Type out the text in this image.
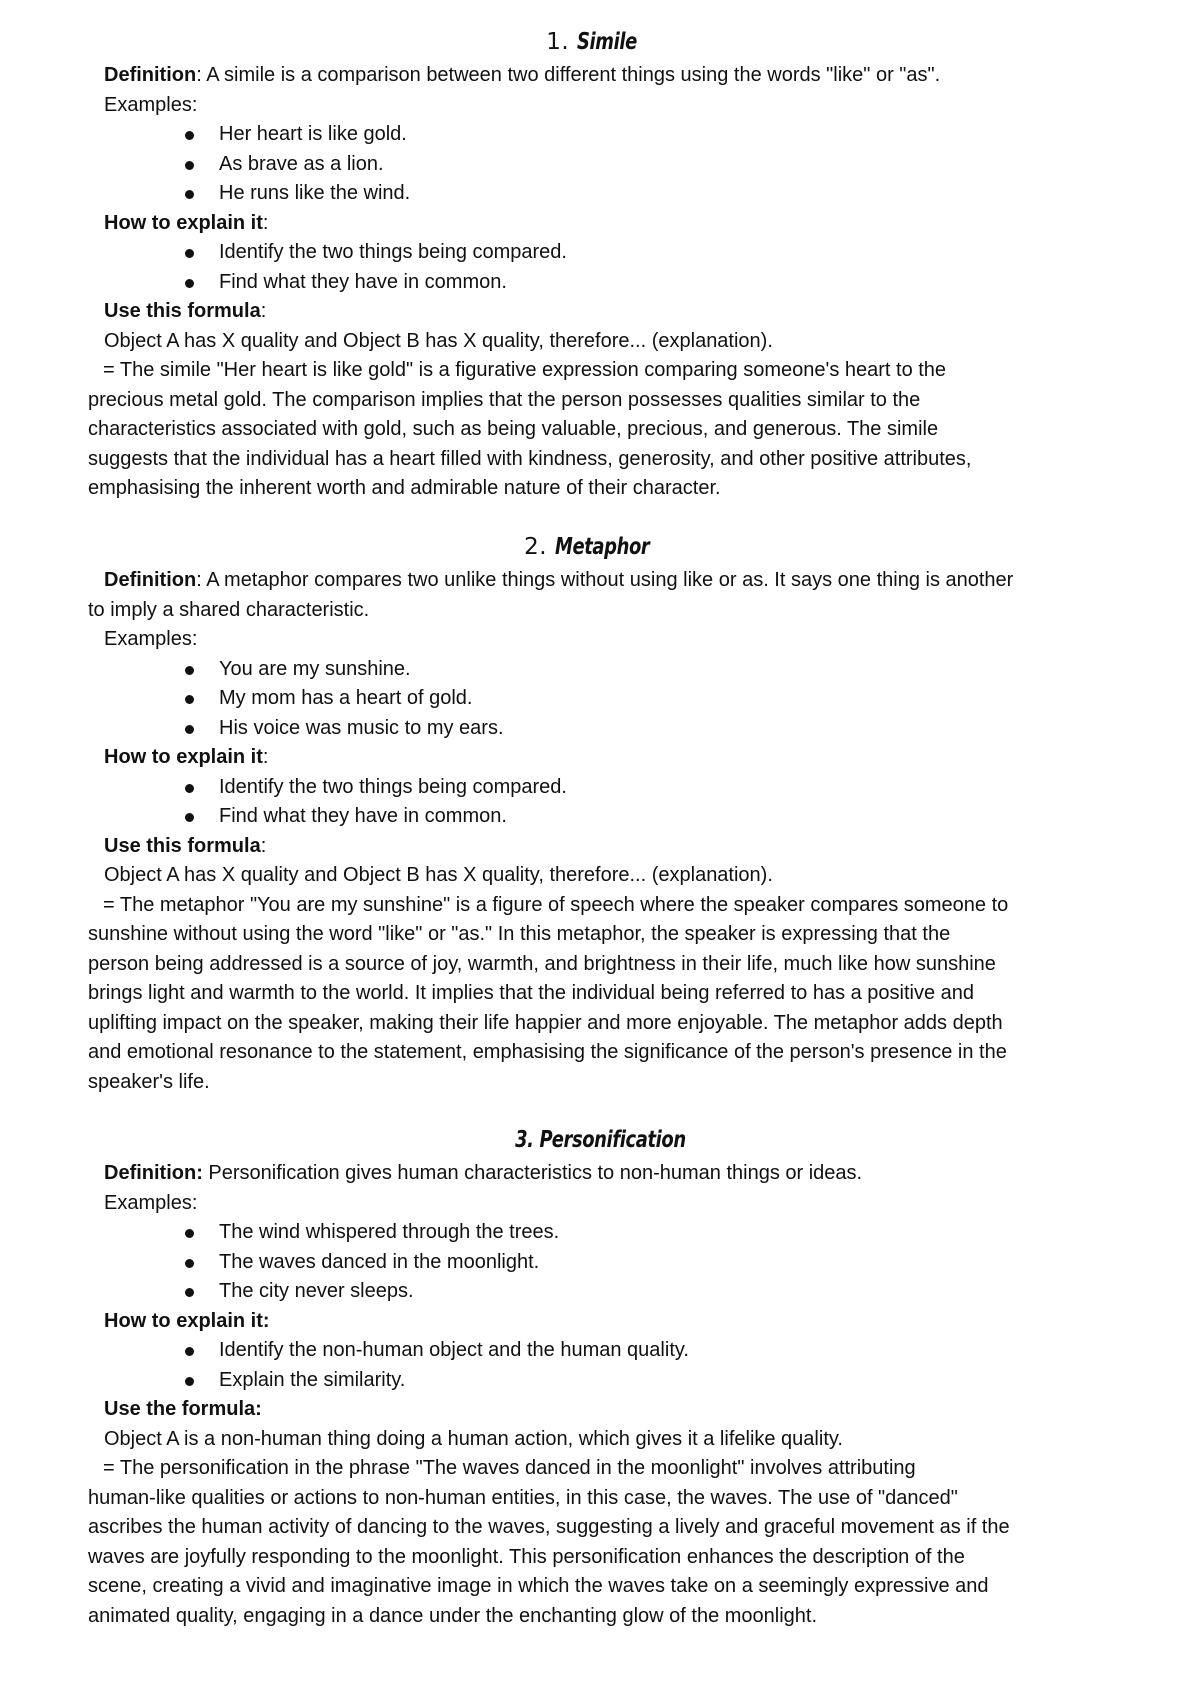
1. Simile
Definition: A simile is a comparison between two different things using the words "like" or "as".
Examples:
Her heart is like gold.
As brave as a lion.
He runs like the wind.
How to explain it:
Identify the two things being compared.
Find what they have in common.
Use this formula:
Object A has X quality and Object B has X quality, therefore... (explanation).
= The simile "Her heart is like gold" is a figurative expression comparing someone's heart to the
precious metal gold. The comparison implies that the person possesses qualities similar to the
characteristics associated with gold, such as being valuable, precious, and generous. The simile
suggests that the individual has a heart filled with kindness, generosity, and other positive attributes,
emphasising the inherent worth and admirable nature of their character.
2. Metaphor
Definition: A metaphor compares two unlike things without using like or as. It says one thing is another
to imply a shared characteristic.
Examples:
You are my sunshine.
My mom has a heart of gold.
His voice was music to my ears.
How to explain it:
Identify the two things being compared.
Find what they have in common.
Use this formula:
Object A has X quality and Object B has X quality, therefore... (explanation).
= The metaphor "You are my sunshine" is a figure of speech where the speaker compares someone to
sunshine without using the word "like" or "as." In this metaphor, the speaker is expressing that the
person being addressed is a source of joy, warmth, and brightness in their life, much like how sunshine
brings light and warmth to the world. It implies that the individual being referred to has a positive and
uplifting impact on the speaker, making their life happier and more enjoyable. The metaphor adds depth
and emotional resonance to the statement, emphasising the significance of the person's presence in the
speaker's life.
3. Personification
Definition: Personification gives human characteristics to non-human things or ideas.
Examples:
The wind whispered through the trees.
The waves danced in the moonlight.
The city never sleeps.
How to explain it:
Identify the non-human object and the human quality.
Explain the similarity.
Use the formula:
Object A is a non-human thing doing a human action, which gives it a lifelike quality.
= The personification in the phrase "The waves danced in the moonlight" involves attributing
human-like qualities or actions to non-human entities, in this case, the waves. The use of "danced"
ascribes the human activity of dancing to the waves, suggesting a lively and graceful movement as if the
waves are joyfully responding to the moonlight. This personification enhances the description of the
scene, creating a vivid and imaginative image in which the waves take on a seemingly expressive and
animated quality, engaging in a dance under the enchanting glow of the moonlight.
